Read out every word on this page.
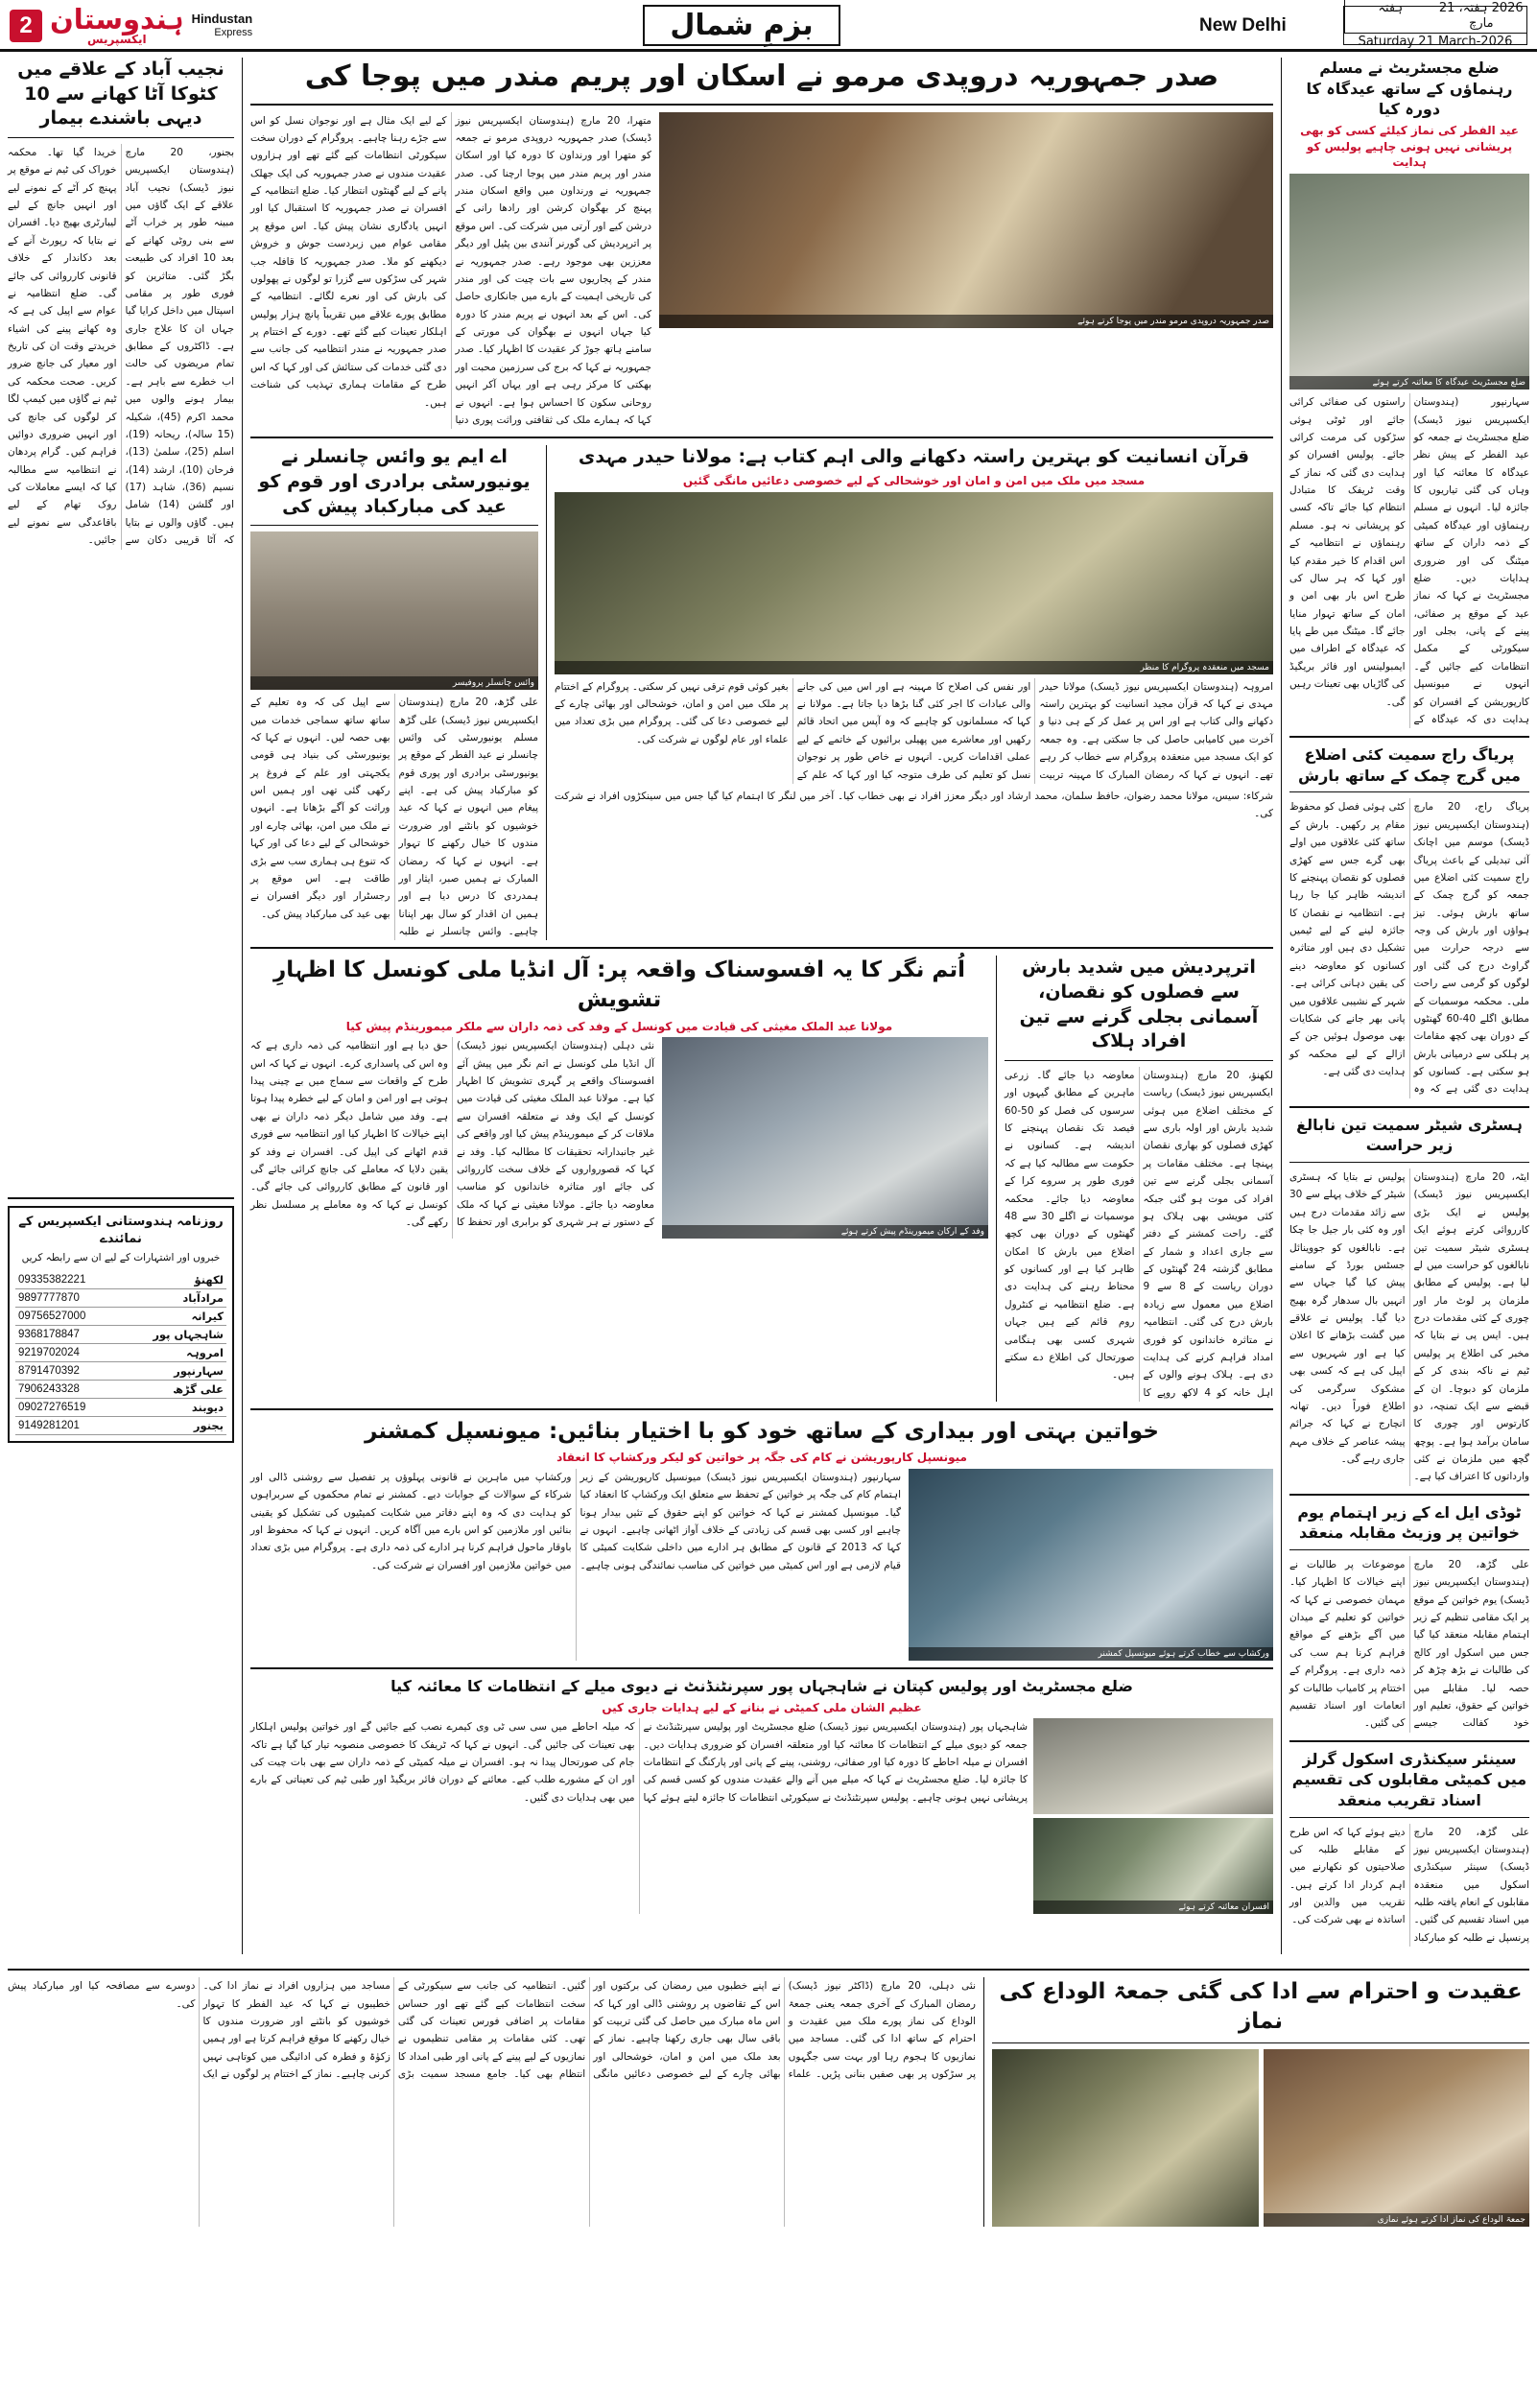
2026 ہفتہ، 21 مارچ
ہفتہ
Saturday 21 March-2026
New Delhi
بزمِ شمال
Hindustan
Express
ہندوستان
ایکسپریس
2
ضلع مجسٹریٹ نے مسلم رہنماؤں کے ساتھ عیدگاہ کا دورہ کیا
عید الفطر کی نماز کیلئے کسی کو بھی پریشانی نہیں ہونی چاہیے پولیس کو ہدایت
ضلع مجسٹریٹ عیدگاہ کا معائنہ کرتے ہوئے
سہارنپور (ہندوستان ایکسپریس نیوز ڈیسک) ضلع مجسٹریٹ نے جمعہ کو عید الفطر کے پیش نظر عیدگاہ کا معائنہ کیا اور وہاں کی گئی تیاریوں کا جائزہ لیا۔ انہوں نے مسلم رہنماؤں اور عیدگاہ کمیٹی کے ذمہ داران کے ساتھ میٹنگ کی اور ضروری ہدایات دیں۔ ضلع مجسٹریٹ نے کہا کہ نماز عید کے موقع پر صفائی، پینے کے پانی، بجلی اور سیکورٹی کے مکمل انتظامات کیے جائیں گے۔ انہوں نے میونسپل کارپوریشن کے افسران کو ہدایت دی کہ عیدگاہ کے راستوں کی صفائی کرائی جائے اور ٹوٹی ہوئی سڑکوں کی مرمت کرائی جائے۔ پولیس افسران کو ہدایت دی گئی کہ نماز کے وقت ٹریفک کا متبادل انتظام کیا جائے تاکہ کسی کو پریشانی نہ ہو۔ مسلم رہنماؤں نے انتظامیہ کے اس اقدام کا خیر مقدم کیا اور کہا کہ ہر سال کی طرح اس بار بھی امن و امان کے ساتھ تہوار منایا جائے گا۔ میٹنگ میں طے پایا کہ عیدگاہ کے اطراف میں ایمبولینس اور فائر بریگیڈ کی گاڑیاں بھی تعینات رہیں گی۔
پریاگ راج سمیت کئی اضلاع میں گرج چمک کے ساتھ بارش
پریاگ راج، 20 مارچ (ہندوستان ایکسپریس نیوز ڈیسک) موسم میں اچانک آئی تبدیلی کے باعث پریاگ راج سمیت کئی اضلاع میں جمعہ کو گرج چمک کے ساتھ بارش ہوئی۔ تیز ہواؤں اور بارش کی وجہ سے درجہ حرارت میں گراوٹ درج کی گئی اور لوگوں کو گرمی سے راحت ملی۔ محکمہ موسمیات کے مطابق اگلے 40-60 گھنٹوں کے دوران بھی کچھ مقامات پر ہلکی سے درمیانی بارش ہو سکتی ہے۔ کسانوں کو ہدایت دی گئی ہے کہ وہ کٹی ہوئی فصل کو محفوظ مقام پر رکھیں۔ بارش کے ساتھ کئی علاقوں میں اولے بھی گرے جس سے کھڑی فصلوں کو نقصان پہنچنے کا اندیشہ ظاہر کیا جا رہا ہے۔ انتظامیہ نے نقصان کا جائزہ لینے کے لیے ٹیمیں تشکیل دی ہیں اور متاثرہ کسانوں کو معاوضہ دینے کی یقین دہانی کرائی ہے۔ شہر کے نشیبی علاقوں میں پانی بھر جانے کی شکایات بھی موصول ہوئیں جن کے ازالے کے لیے محکمہ کو ہدایت دی گئی ہے۔
ہسٹری شیٹر سمیت تین نابالغ زیر حراست
ایٹہ، 20 مارچ (ہندوستان ایکسپریس نیوز ڈیسک) پولیس نے ایک بڑی کارروائی کرتے ہوئے ایک ہسٹری شیٹر سمیت تین نابالغوں کو حراست میں لے لیا ہے۔ پولیس کے مطابق ملزمان پر لوٹ مار اور چوری کے کئی مقدمات درج ہیں۔ ایس پی نے بتایا کہ مخبر کی اطلاع پر پولیس ٹیم نے ناکہ بندی کر کے ملزمان کو دبوچا۔ ان کے قبضے سے ایک تمنچہ، دو کارتوس اور چوری کا سامان برآمد ہوا ہے۔ پوچھ گچھ میں ملزمان نے کئی وارداتوں کا اعتراف کیا ہے۔ پولیس نے بتایا کہ ہسٹری شیٹر کے خلاف پہلے سے 30 سے زائد مقدمات درج ہیں اور وہ کئی بار جیل جا چکا ہے۔ نابالغوں کو جووینائل جسٹس بورڈ کے سامنے پیش کیا گیا جہاں سے انہیں بال سدھار گرہ بھیج دیا گیا۔ پولیس نے علاقے میں گشت بڑھانے کا اعلان کیا ہے اور شہریوں سے اپیل کی ہے کہ کسی بھی مشکوک سرگرمی کی اطلاع فوراً دیں۔ تھانہ انچارج نے کہا کہ جرائم پیشہ عناصر کے خلاف مہم جاری رہے گی۔
ٹوڈی ایل اے کے زیر اہتمام یوم خواتین پر وزیٹ مقابلہ منعقد
علی گڑھ، 20 مارچ (ہندوستان ایکسپریس نیوز ڈیسک) یوم خواتین کے موقع پر ایک مقامی تنظیم کے زیر اہتمام مقابلہ منعقد کیا گیا جس میں اسکول اور کالج کی طالبات نے بڑھ چڑھ کر حصہ لیا۔ مقابلے میں خواتین کے حقوق، تعلیم اور خود کفالت جیسے موضوعات پر طالبات نے اپنے خیالات کا اظہار کیا۔ مہمان خصوصی نے کہا کہ خواتین کو تعلیم کے میدان میں آگے بڑھنے کے مواقع فراہم کرنا ہم سب کی ذمہ داری ہے۔ پروگرام کے اختتام پر کامیاب طالبات کو انعامات اور اسناد تقسیم کی گئیں۔
سینئر سیکنڈری اسکول گرلز میں کمیٹی مقابلوں کی تقسیم اسناد تقریب منعقد
علی گڑھ، 20 مارچ (ہندوستان ایکسپریس نیوز ڈیسک) سینئر سیکنڈری اسکول میں منعقدہ مقابلوں کے انعام یافتہ طلبہ میں اسناد تقسیم کی گئیں۔ پرنسپل نے طلبہ کو مبارکباد دیتے ہوئے کہا کہ اس طرح کے مقابلے طلبہ کی صلاحیتوں کو نکھارنے میں اہم کردار ادا کرتے ہیں۔ تقریب میں والدین اور اساتذہ نے بھی شرکت کی۔
صدر جمہوریہ دروپدی مرمو نے اسکان اور پریم مندر میں پوجا کی
صدر جمہوریہ دروپدی مرمو مندر میں پوجا کرتے ہوئے
متھرا، 20 مارچ (ہندوستان ایکسپریس نیوز ڈیسک) صدر جمہوریہ دروپدی مرمو نے جمعہ کو متھرا اور ورنداون کا دورہ کیا اور اسکان مندر اور پریم مندر میں پوجا ارچنا کی۔ صدر جمہوریہ نے ورنداون میں واقع اسکان مندر پہنچ کر بھگوان کرشن اور رادھا رانی کے درشن کیے اور آرتی میں شرکت کی۔ اس موقع پر اترپردیش کی گورنر آنندی بین پٹیل اور دیگر معززین بھی موجود رہے۔ صدر جمہوریہ نے مندر کے پجاریوں سے بات چیت کی اور مندر کی تاریخی اہمیت کے بارے میں جانکاری حاصل کی۔ اس کے بعد انہوں نے پریم مندر کا دورہ کیا جہاں انہوں نے بھگوان کی مورتی کے سامنے ہاتھ جوڑ کر عقیدت کا اظہار کیا۔ صدر جمہوریہ نے کہا کہ برج کی سرزمین محبت اور بھکتی کا مرکز رہی ہے اور یہاں آکر انہیں روحانی سکون کا احساس ہوا ہے۔ انہوں نے کہا کہ ہمارے ملک کی ثقافتی وراثت پوری دنیا کے لیے ایک مثال ہے اور نوجوان نسل کو اس سے جڑے رہنا چاہیے۔ پروگرام کے دوران سخت سیکورٹی انتظامات کیے گئے تھے اور ہزاروں عقیدت مندوں نے صدر جمہوریہ کی ایک جھلک پانے کے لیے گھنٹوں انتظار کیا۔ ضلع انتظامیہ کے افسران نے صدر جمہوریہ کا استقبال کیا اور انہیں یادگاری نشان پیش کیا۔ اس موقع پر مقامی عوام میں زبردست جوش و خروش دیکھنے کو ملا۔ صدر جمہوریہ کا قافلہ جب شہر کی سڑکوں سے گزرا تو لوگوں نے پھولوں کی بارش کی اور نعرے لگائے۔ انتظامیہ کے مطابق پورے علاقے میں تقریباً پانچ ہزار پولیس اہلکار تعینات کیے گئے تھے۔ دورے کے اختتام پر صدر جمہوریہ نے مندر انتظامیہ کی جانب سے دی گئی خدمات کی ستائش کی اور کہا کہ اس طرح کے مقامات ہماری تہذیب کی شناخت ہیں۔
قرآن انسانیت کو بہترین راستہ دکھانے والی اہم کتاب ہے: مولانا حیدر مہدی
مسجد میں ملک میں امن و امان اور خوشحالی کے لیے خصوصی دعائیں مانگی گئیں
مسجد میں منعقدہ پروگرام کا منظر
امروہہ (ہندوستان ایکسپریس نیوز ڈیسک) مولانا حیدر مہدی نے کہا کہ قرآن مجید انسانیت کو بہترین راستہ دکھانے والی کتاب ہے اور اس پر عمل کر کے ہی دنیا و آخرت میں کامیابی حاصل کی جا سکتی ہے۔ وہ جمعہ کو ایک مسجد میں منعقدہ پروگرام سے خطاب کر رہے تھے۔ انہوں نے کہا کہ رمضان المبارک کا مہینہ تربیت اور نفس کی اصلاح کا مہینہ ہے اور اس میں کی جانے والی عبادات کا اجر کئی گنا بڑھا دیا جاتا ہے۔ مولانا نے کہا کہ مسلمانوں کو چاہیے کہ وہ آپس میں اتحاد قائم رکھیں اور معاشرے میں پھیلی برائیوں کے خاتمے کے لیے عملی اقدامات کریں۔ انہوں نے خاص طور پر نوجوان نسل کو تعلیم کی طرف متوجہ کیا اور کہا کہ علم کے بغیر کوئی قوم ترقی نہیں کر سکتی۔ پروگرام کے اختتام پر ملک میں امن و امان، خوشحالی اور بھائی چارے کے لیے خصوصی دعا کی گئی۔ پروگرام میں بڑی تعداد میں علماء اور عام لوگوں نے شرکت کی۔
شرکاء: سیس، مولانا محمد رضوان، حافظ سلمان، محمد ارشاد اور دیگر معزز افراد نے بھی خطاب کیا۔ آخر میں لنگر کا اہتمام کیا گیا جس میں سینکڑوں افراد نے شرکت کی۔
اے ایم یو وائس چانسلر نے یونیورسٹی برادری اور قوم کو عید کی مبارکباد پیش کی
وائس چانسلر پروفیسر
علی گڑھ، 20 مارچ (ہندوستان ایکسپریس نیوز ڈیسک) علی گڑھ مسلم یونیورسٹی کی وائس چانسلر نے عید الفطر کے موقع پر یونیورسٹی برادری اور پوری قوم کو مبارکباد پیش کی ہے۔ اپنے پیغام میں انہوں نے کہا کہ عید خوشیوں کو بانٹنے اور ضرورت مندوں کا خیال رکھنے کا تہوار ہے۔ انہوں نے کہا کہ رمضان المبارک نے ہمیں صبر، ایثار اور ہمدردی کا درس دیا ہے اور ہمیں ان اقدار کو سال بھر اپنانا چاہیے۔ وائس چانسلر نے طلبہ سے اپیل کی کہ وہ تعلیم کے ساتھ ساتھ سماجی خدمات میں بھی حصہ لیں۔ انہوں نے کہا کہ یونیورسٹی کی بنیاد ہی قومی یکجہتی اور علم کے فروغ پر رکھی گئی تھی اور ہمیں اس وراثت کو آگے بڑھانا ہے۔ انہوں نے ملک میں امن، بھائی چارے اور خوشحالی کے لیے دعا کی اور کہا کہ تنوع ہی ہماری سب سے بڑی طاقت ہے۔ اس موقع پر رجسٹرار اور دیگر افسران نے بھی عید کی مبارکباد پیش کی۔
اترپردیش میں شدید بارش سے فصلوں کو نقصان، آسمانی بجلی گرنے سے تین افراد ہلاک
لکھنؤ، 20 مارچ (ہندوستان ایکسپریس نیوز ڈیسک) ریاست کے مختلف اضلاع میں ہوئی شدید بارش اور اولہ باری سے کھڑی فصلوں کو بھاری نقصان پہنچا ہے۔ مختلف مقامات پر آسمانی بجلی گرنے سے تین افراد کی موت ہو گئی جبکہ کئی مویشی بھی ہلاک ہو گئے۔ راحت کمشنر کے دفتر سے جاری اعداد و شمار کے مطابق گزشتہ 24 گھنٹوں کے دوران ریاست کے 8 سے 9 اضلاع میں معمول سے زیادہ بارش درج کی گئی۔ انتظامیہ نے متاثرہ خاندانوں کو فوری امداد فراہم کرنے کی ہدایت دی ہے۔ ہلاک ہونے والوں کے اہل خانہ کو 4 لاکھ روپے کا معاوضہ دیا جائے گا۔ زرعی ماہرین کے مطابق گیہوں اور سرسوں کی فصل کو 50-60 فیصد تک نقصان پہنچنے کا اندیشہ ہے۔ کسانوں نے حکومت سے مطالبہ کیا ہے کہ فوری طور پر سروے کرا کے معاوضہ دیا جائے۔ محکمہ موسمیات نے اگلے 30 سے 48 گھنٹوں کے دوران بھی کچھ اضلاع میں بارش کا امکان ظاہر کیا ہے اور کسانوں کو محتاط رہنے کی ہدایت دی ہے۔ ضلع انتظامیہ نے کنٹرول روم قائم کیے ہیں جہاں شہری کسی بھی ہنگامی صورتحال کی اطلاع دے سکتے ہیں۔
اُتم نگر کا یہ افسوسناک واقعہ پر: آل انڈیا ملی کونسل کا اظہارِ تشویش
مولانا عبد الملک مغیثی کی قیادت میں کونسل کے وفد کی ذمہ داران سے ملکر میمورینڈم پیش کیا
وفد کے ارکان میمورینڈم پیش کرتے ہوئے
نئی دہلی (ہندوستان ایکسپریس نیوز ڈیسک) آل انڈیا ملی کونسل نے اتم نگر میں پیش آئے افسوسناک واقعے پر گہری تشویش کا اظہار کیا ہے۔ مولانا عبد الملک مغیثی کی قیادت میں کونسل کے ایک وفد نے متعلقہ افسران سے ملاقات کر کے میمورینڈم پیش کیا اور واقعے کی غیر جانبدارانہ تحقیقات کا مطالبہ کیا۔ وفد نے کہا کہ قصورواروں کے خلاف سخت کارروائی کی جائے اور متاثرہ خاندانوں کو مناسب معاوضہ دیا جائے۔ مولانا مغیثی نے کہا کہ ملک کے دستور نے ہر شہری کو برابری اور تحفظ کا حق دیا ہے اور انتظامیہ کی ذمہ داری ہے کہ وہ اس کی پاسداری کرے۔ انہوں نے کہا کہ اس طرح کے واقعات سے سماج میں بے چینی پیدا ہوتی ہے اور امن و امان کے لیے خطرہ پیدا ہوتا ہے۔ وفد میں شامل دیگر ذمہ داران نے بھی اپنے خیالات کا اظہار کیا اور انتظامیہ سے فوری قدم اٹھانے کی اپیل کی۔ افسران نے وفد کو یقین دلایا کہ معاملے کی جانچ کرائی جائے گی اور قانون کے مطابق کارروائی کی جائے گی۔ کونسل نے کہا کہ وہ معاملے پر مسلسل نظر رکھے گی۔
خواتین بہتی اور بیداری کے ساتھ خود کو با اختیار بنائیں: میونسپل کمشنر
میونسپل کارپوریشن نے کام کی جگہ پر خواتین کو لیکر ورکشاپ کا انعقاد
ورکشاپ سے خطاب کرتے ہوئے میونسپل کمشنر
سہارنپور (ہندوستان ایکسپریس نیوز ڈیسک) میونسپل کارپوریشن کے زیر اہتمام کام کی جگہ پر خواتین کے تحفظ سے متعلق ایک ورکشاپ کا انعقاد کیا گیا۔ میونسپل کمشنر نے کہا کہ خواتین کو اپنے حقوق کے تئیں بیدار ہونا چاہیے اور کسی بھی قسم کی زیادتی کے خلاف آواز اٹھانی چاہیے۔ انہوں نے کہا کہ 2013 کے قانون کے مطابق ہر ادارے میں داخلی شکایت کمیٹی کا قیام لازمی ہے اور اس کمیٹی میں خواتین کی مناسب نمائندگی ہونی چاہیے۔ ورکشاپ میں ماہرین نے قانونی پہلوؤں پر تفصیل سے روشنی ڈالی اور شرکاء کے سوالات کے جوابات دیے۔ کمشنر نے تمام محکموں کے سربراہوں کو ہدایت دی کہ وہ اپنے دفاتر میں شکایت کمیٹیوں کی تشکیل کو یقینی بنائیں اور ملازمین کو اس بارے میں آگاہ کریں۔ انہوں نے کہا کہ محفوظ اور باوقار ماحول فراہم کرنا ہر ادارے کی ذمہ داری ہے۔ پروگرام میں بڑی تعداد میں خواتین ملازمین اور افسران نے شرکت کی۔
ضلع مجسٹریٹ اور پولیس کپتان نے شاہجہاں پور سپرنٹنڈنٹ نے دیوی میلے کے انتظامات کا معائنہ کیا
عظیم الشان ملی کمیٹی نے بنانے کے لیے ہدایات جاری کیں
افسران معائنہ کرتے ہوئے
شاہجہاں پور (ہندوستان ایکسپریس نیوز ڈیسک) ضلع مجسٹریٹ اور پولیس سپرنٹنڈنٹ نے جمعہ کو دیوی میلے کے انتظامات کا معائنہ کیا اور متعلقہ افسران کو ضروری ہدایات دیں۔ افسران نے میلہ احاطے کا دورہ کیا اور صفائی، روشنی، پینے کے پانی اور پارکنگ کے انتظامات کا جائزہ لیا۔ ضلع مجسٹریٹ نے کہا کہ میلے میں آنے والے عقیدت مندوں کو کسی قسم کی پریشانی نہیں ہونی چاہیے۔ پولیس سپرنٹنڈنٹ نے سیکورٹی انتظامات کا جائزہ لیتے ہوئے کہا کہ میلہ احاطے میں سی سی ٹی وی کیمرے نصب کیے جائیں گے اور خواتین پولیس اہلکار بھی تعینات کی جائیں گی۔ انہوں نے کہا کہ ٹریفک کا خصوصی منصوبہ تیار کیا گیا ہے تاکہ جام کی صورتحال پیدا نہ ہو۔ افسران نے میلہ کمیٹی کے ذمہ داران سے بھی بات چیت کی اور ان کے مشورے طلب کیے۔ معائنے کے دوران فائر بریگیڈ اور طبی ٹیم کی تعیناتی کے بارے میں بھی ہدایات دی گئیں۔
نجیب آباد کے علاقے میں کٹوکا آٹا کھانے سے 10 دیہی باشندے بیمار
بجنور، 20 مارچ (ہندوستان ایکسپریس نیوز ڈیسک) نجیب آباد علاقے کے ایک گاؤں میں مبینہ طور پر خراب آٹے سے بنی روٹی کھانے کے بعد 10 افراد کی طبیعت بگڑ گئی۔ متاثرین کو فوری طور پر مقامی اسپتال میں داخل کرایا گیا جہاں ان کا علاج جاری ہے۔ ڈاکٹروں کے مطابق تمام مریضوں کی حالت اب خطرے سے باہر ہے۔ بیمار ہونے والوں میں محمد اکرم (45)، شکیلہ (15 سالہ)، ریحانہ (19)، اسلم (25)، سلمیٰ (13)، فرحان (10)، ارشد (14)، نسیم (36)، شاہد (17) اور گلشن (14) شامل ہیں۔ گاؤں والوں نے بتایا کہ آٹا قریبی دکان سے خریدا گیا تھا۔ محکمہ خوراک کی ٹیم نے موقع پر پہنچ کر آٹے کے نمونے لیے اور انہیں جانچ کے لیے لیبارٹری بھیج دیا۔ افسران نے بتایا کہ رپورٹ آنے کے بعد دکاندار کے خلاف قانونی کارروائی کی جائے گی۔ ضلع انتظامیہ نے عوام سے اپیل کی ہے کہ وہ کھانے پینے کی اشیاء خریدتے وقت ان کی تاریخ اور معیار کی جانچ ضرور کریں۔ صحت محکمہ کی ٹیم نے گاؤں میں کیمپ لگا کر لوگوں کی جانچ کی اور انہیں ضروری دوائیں فراہم کیں۔ گرام پردھان نے انتظامیہ سے مطالبہ کیا کہ ایسے معاملات کی روک تھام کے لیے باقاعدگی سے نمونے لیے جائیں۔
روزنامہ ہندوستانی ایکسپریس کے نمائندے
خبروں اور اشتہارات کے لیے ان سے رابطہ کریں
لکھنؤ	09335382221
مرادآباد	9897777870
کیرانہ	09756527000
شاہجہاں پور	9368178847
امروہہ	9219702024
سہارنپور	8791470392
علی گڑھ	7906243328
دیوبند	09027276519
بجنور	9149281201
عقیدت و احترام سے ادا کی گئی جمعۃ الوداع کی نماز
جمعۃ الوداع کی نماز ادا کرتے ہوئے نمازی
نئی دہلی، 20 مارچ (ڈاکٹر نیوز ڈیسک) رمضان المبارک کے آخری جمعہ یعنی جمعۃ الوداع کی نماز پورے ملک میں عقیدت و احترام کے ساتھ ادا کی گئی۔ مساجد میں نمازیوں کا ہجوم رہا اور بہت سی جگہوں پر سڑکوں پر بھی صفیں بنانی پڑیں۔ علماء نے اپنے خطبوں میں رمضان کی برکتوں اور اس کے تقاضوں پر روشنی ڈالی اور کہا کہ اس ماہ مبارک میں حاصل کی گئی تربیت کو باقی سال بھی جاری رکھنا چاہیے۔ نماز کے بعد ملک میں امن و امان، خوشحالی اور بھائی چارے کے لیے خصوصی دعائیں مانگی گئیں۔ انتظامیہ کی جانب سے سیکورٹی کے سخت انتظامات کیے گئے تھے اور حساس مقامات پر اضافی فورس تعینات کی گئی تھی۔ کئی مقامات پر مقامی تنظیموں نے نمازیوں کے لیے پینے کے پانی اور طبی امداد کا انتظام بھی کیا۔ جامع مسجد سمیت بڑی مساجد میں ہزاروں افراد نے نماز ادا کی۔ خطیبوں نے کہا کہ عید الفطر کا تہوار خوشیوں کو بانٹنے اور ضرورت مندوں کا خیال رکھنے کا موقع فراہم کرتا ہے اور ہمیں زکوٰۃ و فطرہ کی ادائیگی میں کوتاہی نہیں کرنی چاہیے۔ نماز کے اختتام پر لوگوں نے ایک دوسرے سے مصافحہ کیا اور مبارکباد پیش کی۔
